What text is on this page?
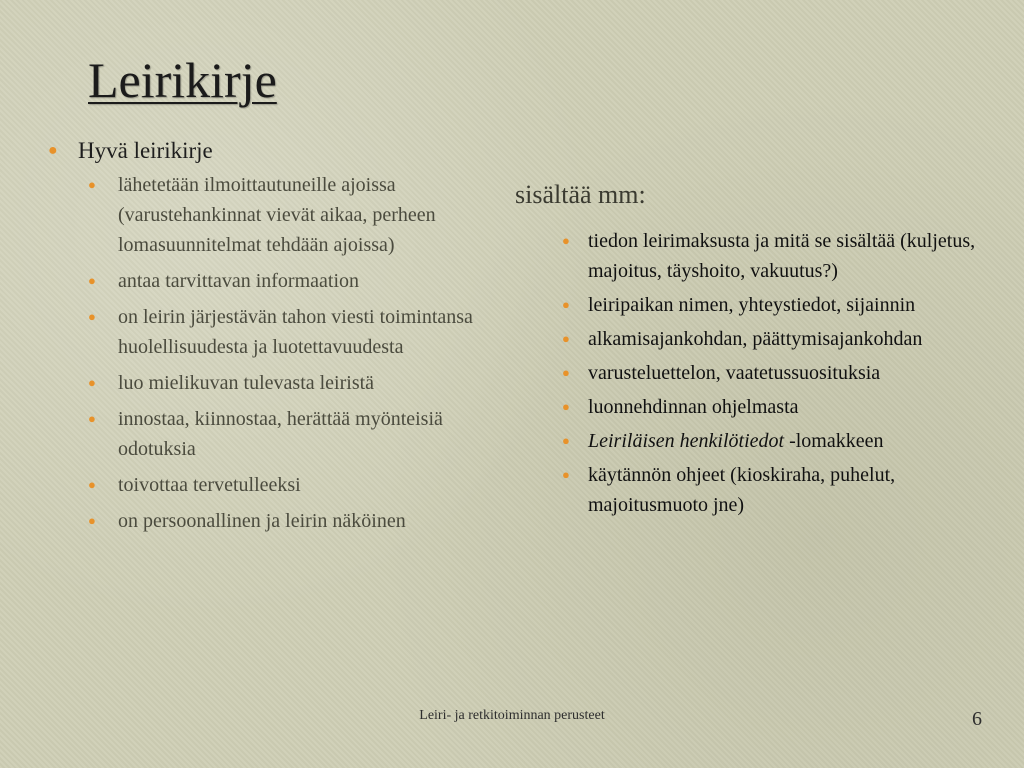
Leirikirje
● Hyvä leirikirje
●	lähetetään ilmoittautuneille ajoissa (varustehankinnat vievät aikaa, perheen lomasuunnitelmat tehdään ajoissa)
●	antaa tarvittavan informaation
●	on leirin järjestävän tahon viesti toimintansa huolellisuudesta ja luotettavuudesta
●	luo mielikuvan tulevasta leiristä
●	innostaa, kiinnostaa, herättää myönteisiä odotuksia
●	toivottaa tervetulleeksi
●	on persoonallinen ja leirin näköinen
sisältää mm:
● tiedon leirimaksusta ja mitä se sisältää (kuljetus, majoitus, täyshoito, vakuutus?)
● leiripaikan nimen, yhteystiedot, sijainnin
● alkamisajankohdan, päättymisajankohdan
● varusteluettelon, vaatetussuosituksia
● luonnehdinnan ohjelmasta
● Leiriläisen henkilötiedot -lomakkeen
● käytännön ohjeet (kioskiraha, puhelut, majoitusmuoto jne)
Leiri- ja retkitoiminnan perusteet	6
